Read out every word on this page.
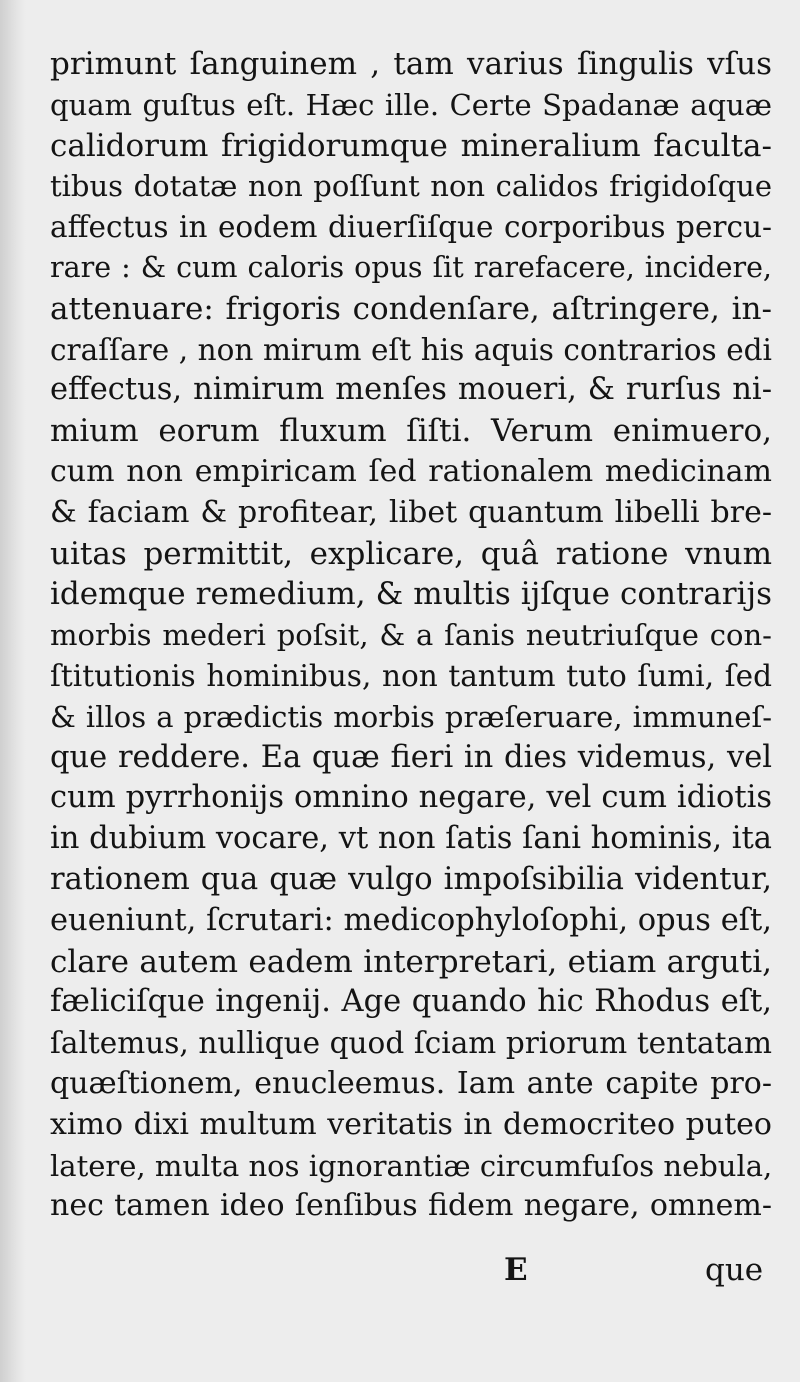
primunt ſanguinem , tam varius ſingulis vſus
quam guſtus eſt. Hæc ille. Certe Spadanæ aquæ
calidorum frigidorumque mineralium faculta-
tibus dotatæ non poſſunt non calidos frigidoſque
affectus in eodem diuerſiſque corporibus percu-
rare : & cum caloris opus ſit rarefacere, incidere,
attenuare: frigoris condenſare, aſtringere, in-
craſſare , non mirum eſt his aquis contrarios edi
effectus, nimirum menſes moueri, & rurſus ni-
mium eorum fluxum ſiſti. Verum enimuero,
cum non empiricam ſed rationalem medicinam
& faciam & profitear, libet quantum libelli bre-
uitas permittit, explicare, quâ ratione vnum
idemque remedium, & multis ijſque contrarijs
morbis mederi poſsit, & a ſanis neutriuſque con-
ſtitutionis hominibus, non tantum tuto ſumi, ſed
& illos a prædictis morbis præſeruare, immuneſ-
que reddere. Ea quæ fieri in dies videmus, vel
cum pyrrhonijs omnino negare, vel cum idiotis
in dubium vocare, vt non ſatis ſani hominis, ita
rationem qua quæ vulgo impoſsibilia videntur,
eueniunt, ſcrutari: medicophyloſophi, opus eſt,
clare autem eadem interpretari, etiam arguti,
fæliciſque ingenij. Age quando hic Rhodus eſt,
ſaltemus, nullique quod ſciam priorum tentatam
quæſtionem, enucleemus. Iam ante capite pro-
ximo dixi multum veritatis in democriteo puteo
latere, multa nos ignorantiæ circumfuſos nebula,
nec tamen ideo ſenſibus fidem negare, omnem-
E	que
